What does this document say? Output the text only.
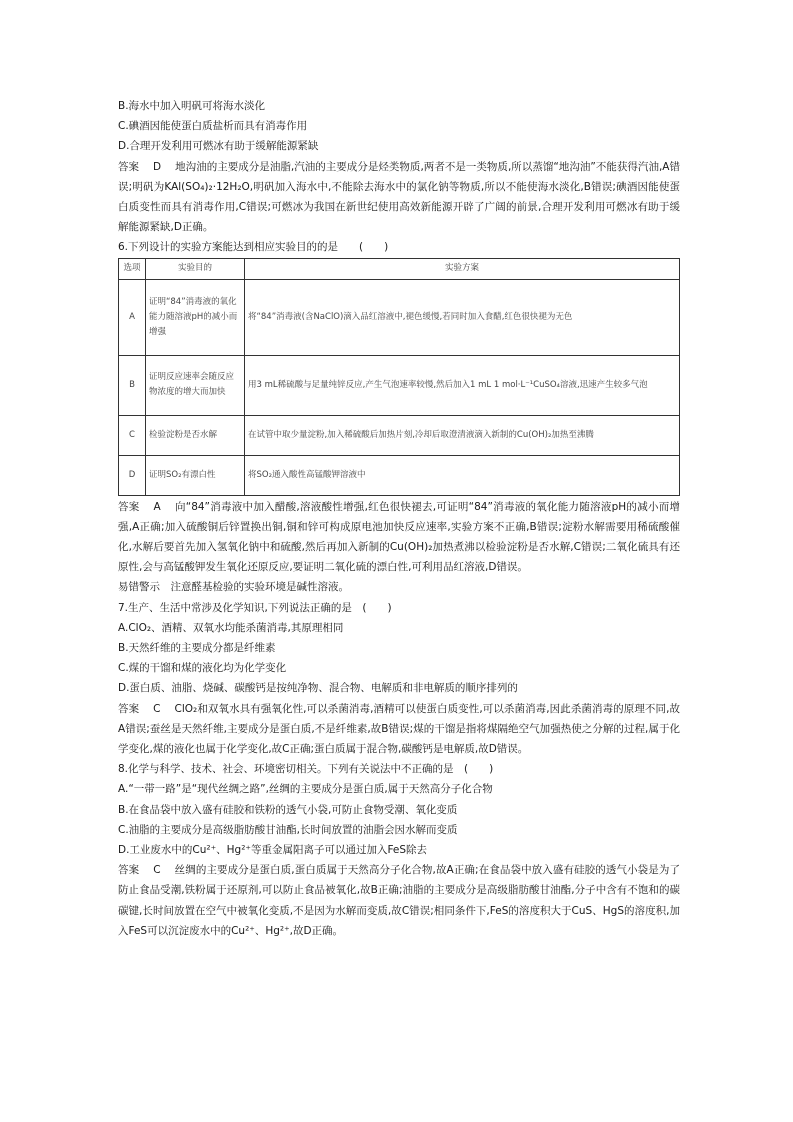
B.海水中加入明矾可将海水淡化
C.碘酒因能使蛋白质盐析而具有消毒作用
D.合理开发利用可燃冰有助于缓解能源紧缺
答案 D 地沟油的主要成分是油脂,汽油的主要成分是烃类物质,两者不是一类物质,所以蒸馏“地沟油”不能获得汽油,A错误;明矾为KAl(SO₄)₂·12H₂O,明矾加入海水中,不能除去海水中的氯化钠等物质,所以不能使海水淡化,B错误;碘酒因能使蛋白质变性而具有消毒作用,C错误;可燃冰为我国在新世纪使用高效新能源开辟了广阔的前景,合理开发利用可燃冰有助于缓解能源紧缺,D正确。
6.下列设计的实验方案能达到相应实验目的的是　　(　　)
选项	实验目的	实验方案
A	证明“84”消毒液的氧化能力随溶液pH的减小而增强	将“84”消毒液(含NaClO)滴入品红溶液中,褪色缓慢,若同时加入食醋,红色很快褪为无色
B	证明反应速率会随反应物浓度的增大而加快	用3 mL稀硫酸与足量纯锌反应,产生气泡速率较慢,然后加入1 mL 1 mol·L⁻¹CuSO₄溶液,迅速产生较多气泡
C	检验淀粉是否水解	在试管中取少量淀粉,加入稀硫酸后加热片刻,冷却后取澄清液滴入新制的Cu(OH)₂加热至沸腾
D	证明SO₂有漂白性	将SO₂通入酸性高锰酸钾溶液中
答案 A 向“84”消毒液中加入醋酸,溶液酸性增强,红色很快褪去,可证明“84”消毒液的氧化能力随溶液pH的减小而增强,A正确;加入硫酸铜后锌置换出铜,铜和锌可构成原电池加快反应速率,实验方案不正确,B错误;淀粉水解需要用稀硫酸催化,水解后要首先加入氢氧化钠中和硫酸,然后再加入新制的Cu(OH)₂加热煮沸以检验淀粉是否水解,C错误;二氧化硫具有还原性,会与高锰酸钾发生氧化还原反应,要证明二氧化硫的漂白性,可利用品红溶液,D错误。
易错警示　注意醛基检验的实验环境是碱性溶液。
7.生产、生活中常涉及化学知识,下列说法正确的是　(　　)
A.ClO₂、酒精、双氧水均能杀菌消毒,其原理相同
B.天然纤维的主要成分都是纤维素
C.煤的干馏和煤的液化均为化学变化
D.蛋白质、油脂、烧碱、碳酸钙是按纯净物、混合物、电解质和非电解质的顺序排列的
答案 C ClO₂和双氧水具有强氧化性,可以杀菌消毒,酒精可以使蛋白质变性,可以杀菌消毒,因此杀菌消毒的原理不同,故A错误;蚕丝是天然纤维,主要成分是蛋白质,不是纤维素,故B错误;煤的干馏是指将煤隔绝空气加强热使之分解的过程,属于化学变化,煤的液化也属于化学变化,故C正确;蛋白质属于混合物,碳酸钙是电解质,故D错误。
8.化学与科学、技术、社会、环境密切相关。下列有关说法中不正确的是　(　　)
A.“一带一路”是“现代丝绸之路”,丝绸的主要成分是蛋白质,属于天然高分子化合物
B.在食品袋中放入盛有硅胶和铁粉的透气小袋,可防止食物受潮、氧化变质
C.油脂的主要成分是高级脂肪酸甘油酯,长时间放置的油脂会因水解而变质
D.工业废水中的Cu²⁺、Hg²⁺等重金属阳离子可以通过加入FeS除去
答案 C 丝绸的主要成分是蛋白质,蛋白质属于天然高分子化合物,故A正确;在食品袋中放入盛有硅胶的透气小袋是为了防止食品受潮,铁粉属于还原剂,可以防止食品被氧化,故B正确;油脂的主要成分是高级脂肪酸甘油酯,分子中含有不饱和的碳碳键,长时间放置在空气中被氧化变质,不是因为水解而变质,故C错误;相同条件下,FeS的溶度积大于CuS、HgS的溶度积,加入FeS可以沉淀废水中的Cu²⁺、Hg²⁺,故D正确。
